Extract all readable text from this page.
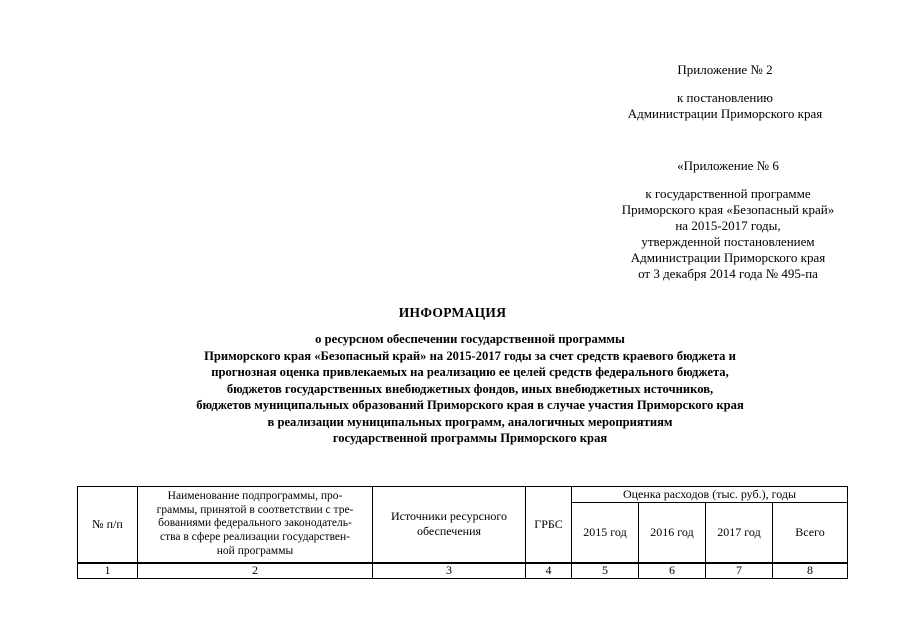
Приложение № 2
к постановлению
Администрации Приморского края
«Приложение № 6
к государственной программе
Приморского края «Безопасный край»
на 2015-2017 годы,
утвержденной постановлением
Администрации Приморского края
от 3 декабря 2014 года № 495-па
ИНФОРМАЦИЯ
о ресурсном обеспечении государственной программы
Приморского края «Безопасный край» на 2015-2017 годы за счет средств краевого бюджета и
прогнозная оценка привлекаемых на реализацию ее целей средств федерального бюджета,
бюджетов государственных внебюджетных фондов, иных внебюджетных источников,
бюджетов муниципальных образований Приморского края в случае участия Приморского края
в реализации муниципальных программ, аналогичных мероприятиям
государственной программы Приморского края
№ п/п	Наименование подпрограммы, про-
граммы, принятой в соответствии с тре-
бованиями федерального законодатель-
ства в сфере реализации государствен-
ной программы	Источники ресурсного обеспечения	ГРБС	Оценка расходов (тыс. руб.), годы			
				2015 год	2016 год	2017 год	Всего
1	2	3	4	5	6	7	8
